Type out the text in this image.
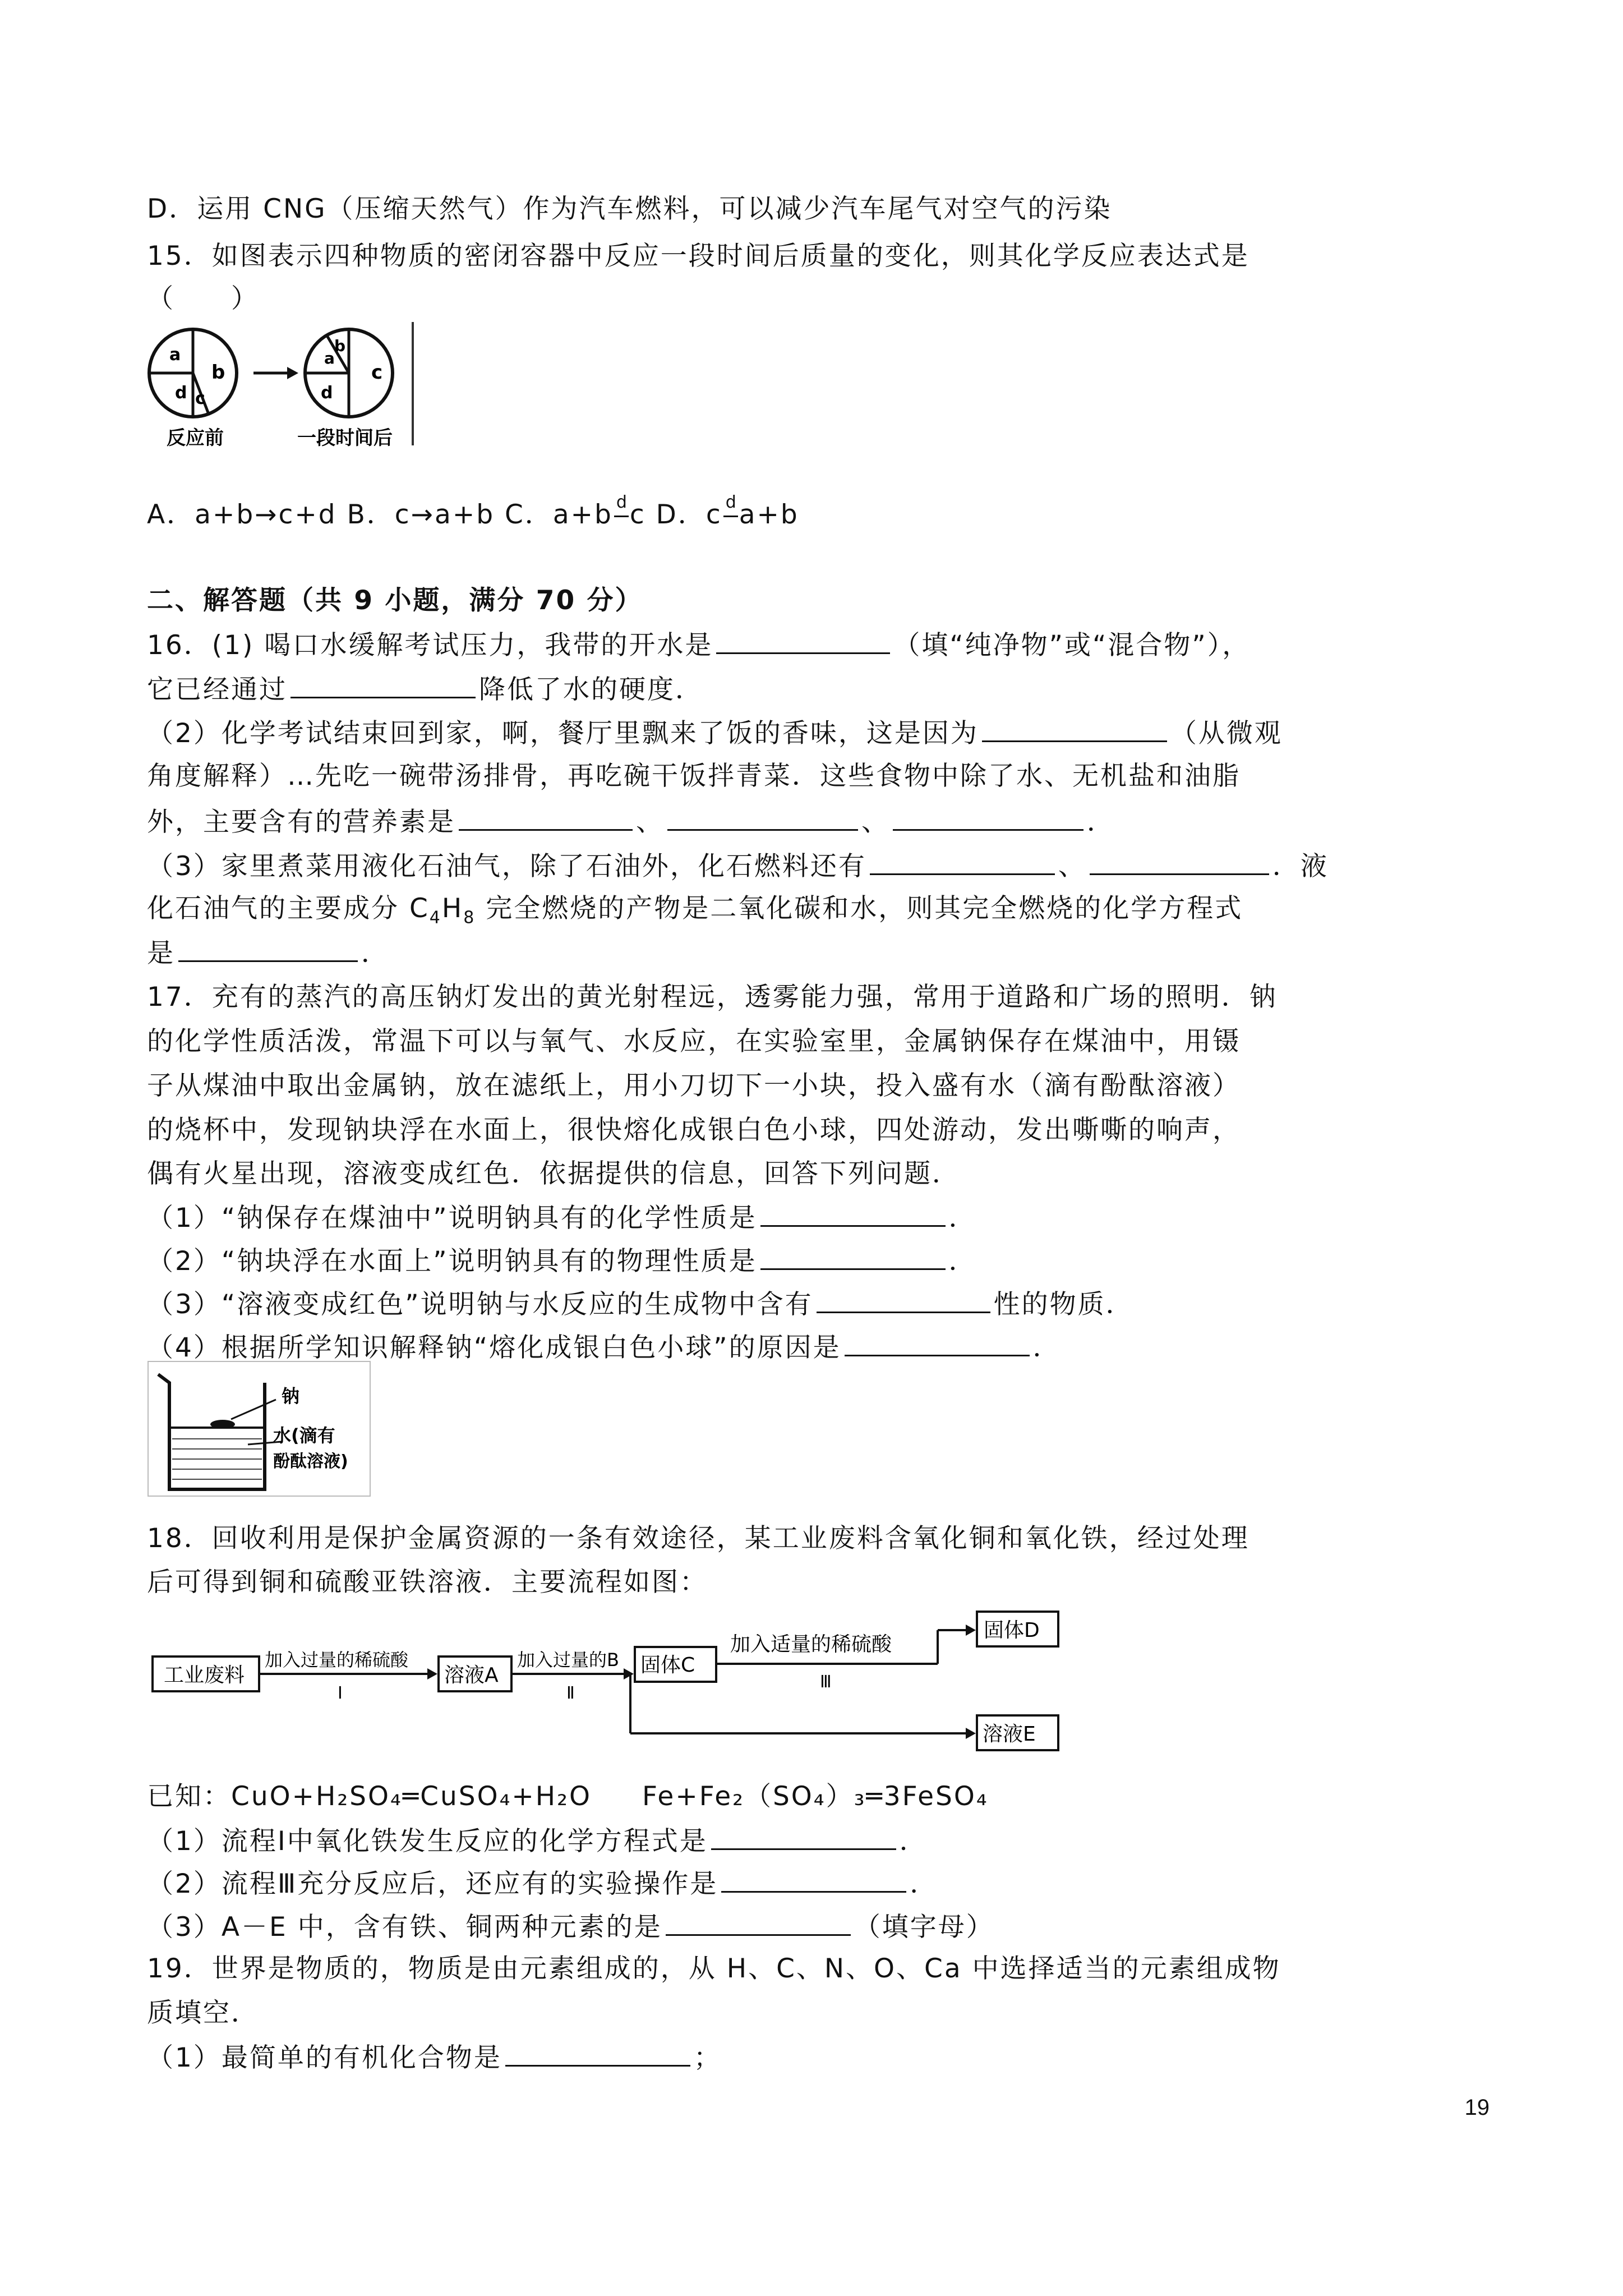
D．运用 CNG（压缩天然气）作为汽车燃料，可以减少汽车尾气对空气的污染
15．如图表示四种物质的密闭容器中反应一段时间后质量的变化，则其化学反应表达式是
（　　）
a
b
d c
a
b
d
c
反应前	一段时间后
A．a+b→c+d B．c→a+b C．a+b d c D．c d a+b
二、解答题（共 9 小题，满分 70 分）
16．(1) 喝口水缓解考试压力，我带的开水是	（填“纯净物”或“混合物”），
它已经通过	降低了水的硬度．
（2）化学考试结束回到家，啊，餐厅里飘来了饭的香味，这是因为	（从微观
角度解释）…先吃一碗带汤排骨，再吃碗干饭拌青菜．这些食物中除了水、无机盐和油脂
外，主要含有的营养素是	、	、	．
（3）家里煮菜用液化石油气，除了石油外，化石燃料还有	、	．液
化石油气的主要成分 $C_4H_8$ 完全燃烧的产物是二氧化碳和水，则其完全燃烧的化学方程式
是	．
17．充有的蒸汽的高压钠灯发出的黄光射程远，透雾能力强，常用于道路和广场的照明．钠
的化学性质活泼，常温下可以与氧气、水反应，在实验室里，金属钠保存在煤油中，用镊
子从煤油中取出金属钠，放在滤纸上，用小刀切下一小块，投入盛有水（滴有酚酞溶液）
的烧杯中，发现钠块浮在水面上，很快熔化成银白色小球，四处游动，发出嘶嘶的响声，
偶有火星出现，溶液变成红色．依据提供的信息，回答下列问题．
（1）“钠保存在煤油中”说明钠具有的化学性质是	．
（2）“钠块浮在水面上”说明钠具有的物理性质是	．
（3）“溶液变成红色”说明钠与水反应的生成物中含有	性的物质．
（4）根据所学知识解释钠“熔化成银白色小球”的原因是	．
钠
水(滴有
酚酞溶液)
18．回收利用是保护金属资源的一条有效途径，某工业废料含氧化铜和氧化铁，经过处理
后可得到铜和硫酸亚铁溶液．主要流程如图：
工业废料
加入过量的稀硫酸
Ⅰ
溶液A
加入过量的B
Ⅱ
固体C
加入适量的稀硫酸
Ⅲ
固体D
溶液E
已知：CuO+H₂SO₄═CuSO₄+H₂O Fe+Fe₂（SO₄）₃═3FeSO₄
（1）流程Ⅰ中氧化铁发生反应的化学方程式是	．
（2）流程Ⅲ充分反应后，还应有的实验操作是	．
（3）A－E 中，含有铁、铜两种元素的是	（填字母）
19．世界是物质的，物质是由元素组成的，从 H、C、N、O、Ca 中选择适当的元素组成物
质填空．
（1）最简单的有机化合物是	；
19
